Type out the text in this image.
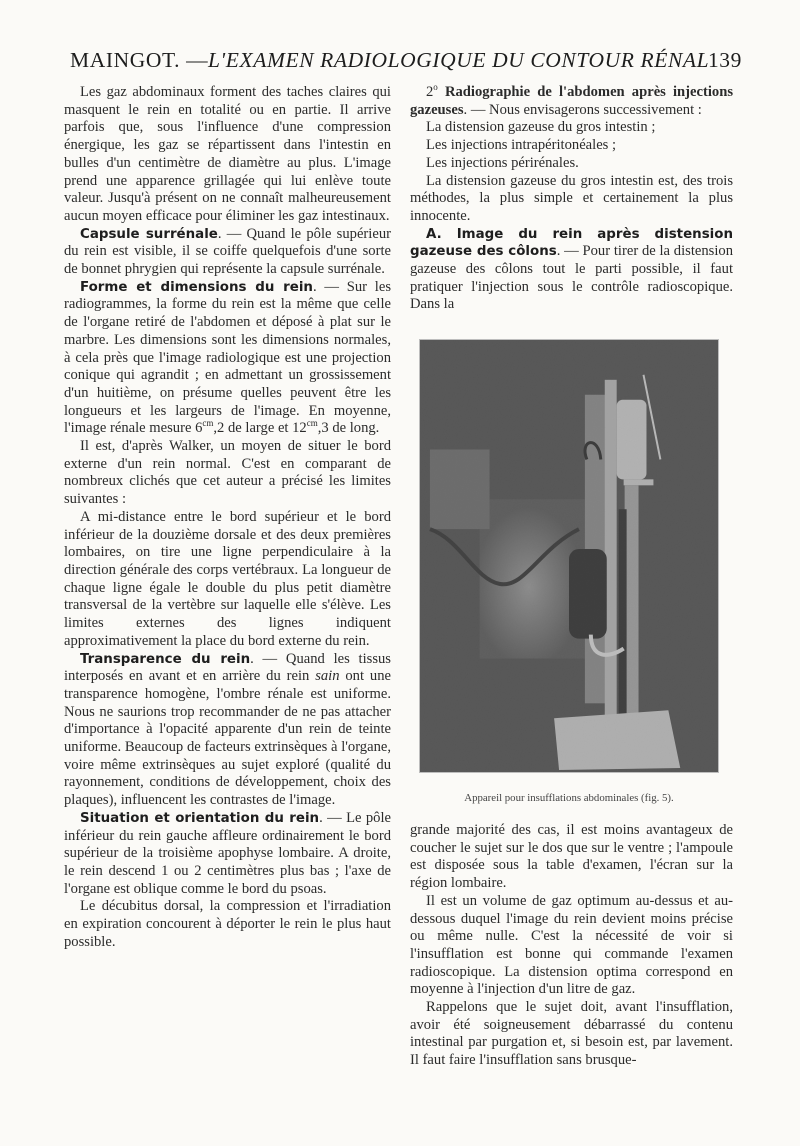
MAINGOT. — L'EXAMEN RADIOLOGIQUE DU CONTOUR RÉNAL
139

Les gaz abdominaux forment des taches claires qui masquent le rein en totalité ou en partie. Il arrive parfois que, sous l'influence d'une compression énergique, les gaz se répartissent dans l'intestin en bulles d'un centimètre de diamètre au plus. L'image prend une apparence grillagée qui lui enlève toute valeur. Jusqu'à présent on ne connaît malheureusement aucun moyen efficace pour éliminer les gaz intestinaux.

Capsule surrénale. — Quand le pôle supérieur du rein est visible, il se coiffe quelquefois d'une sorte de bonnet phrygien qui représente la capsule surrénale.

Forme et dimensions du rein. — Sur les radiogrammes, la forme du rein est la même que celle de l'organe retiré de l'abdomen et déposé à plat sur le marbre. Les dimensions sont les dimensions normales, à cela près que l'image radiologique est une projection conique qui agrandit ; en admettant un grossissement d'un huitième, on présume quelles peuvent être les longueurs et les largeurs de l'image. En moyenne, l'image rénale mesure $6^{cm},2$ de large et $12^{cm},3$ de long.

Il est, d'après Walker, un moyen de situer le bord externe d'un rein normal. C'est en comparant de nombreux clichés que cet auteur a précisé les limites suivantes :

A mi-distance entre le bord supérieur et le bord inférieur de la douzième dorsale et des deux premières lombaires, on tire une ligne perpendiculaire à la direction générale des corps vertébraux. La longueur de chaque ligne égale le double du plus petit diamètre transversal de la vertèbre sur laquelle elle s'élève. Les limites externes des lignes indiquent approximativement la place du bord externe du rein.

Transparence du rein. — Quand les tissus interposés en avant et en arrière du rein sain ont une transparence homogène, l'ombre rénale est uniforme. Nous ne saurions trop recommander de ne pas attacher d'importance à l'opacité apparente d'un rein de teinte uniforme. Beaucoup de facteurs extrinsèques à l'organe, voire même extrinsèques au sujet exploré (qualité du rayonnement, conditions de développement, choix des plaques), influencent les contrastes de l'image.

Situation et orientation du rein. — Le pôle inférieur du rein gauche affleure ordinairement le bord supérieur de la troisième apophyse lombaire. A droite, le rein descend 1 ou 2 centimètres plus bas ; l'axe de l'organe est oblique comme le bord du psoas.

Le décubitus dorsal, la compression et l'irradiation en expiration concourent à déporter le rein le plus haut possible.

2$^o$ Radiographie de l'abdomen après injections gazeuses. — Nous envisagerons successivement :

La distension gazeuse du gros intestin ;

Les injections intrapéritonéales ;

Les injections périrénales.

La distension gazeuse du gros intestin est, des trois méthodes, la plus simple et certainement la plus innocente.

A. Image du rein après distension gazeuse des côlons. — Pour tirer de la distension gazeuse des côlons tout le parti possible, il faut pratiquer l'injection sous le contrôle radioscopique. Dans la

Appareil pour insufflations abdominales (fig. 5).

grande majorité des cas, il est moins avantageux de coucher le sujet sur le dos que sur le ventre ; l'ampoule est disposée sous la table d'examen, l'écran sur la région lombaire.

Il est un volume de gaz optimum au-dessus et au-dessous duquel l'image du rein devient moins précise ou même nulle. C'est la nécessité de voir si l'insufflation est bonne qui commande l'examen radioscopique. La distension optima correspond en moyenne à l'injection d'un litre de gaz.

Rappelons que le sujet doit, avant l'insufflation, avoir été soigneusement débarrassé du contenu intestinal par purgation et, si besoin est, par lavement. Il faut faire l'insufflation sans brusque-
